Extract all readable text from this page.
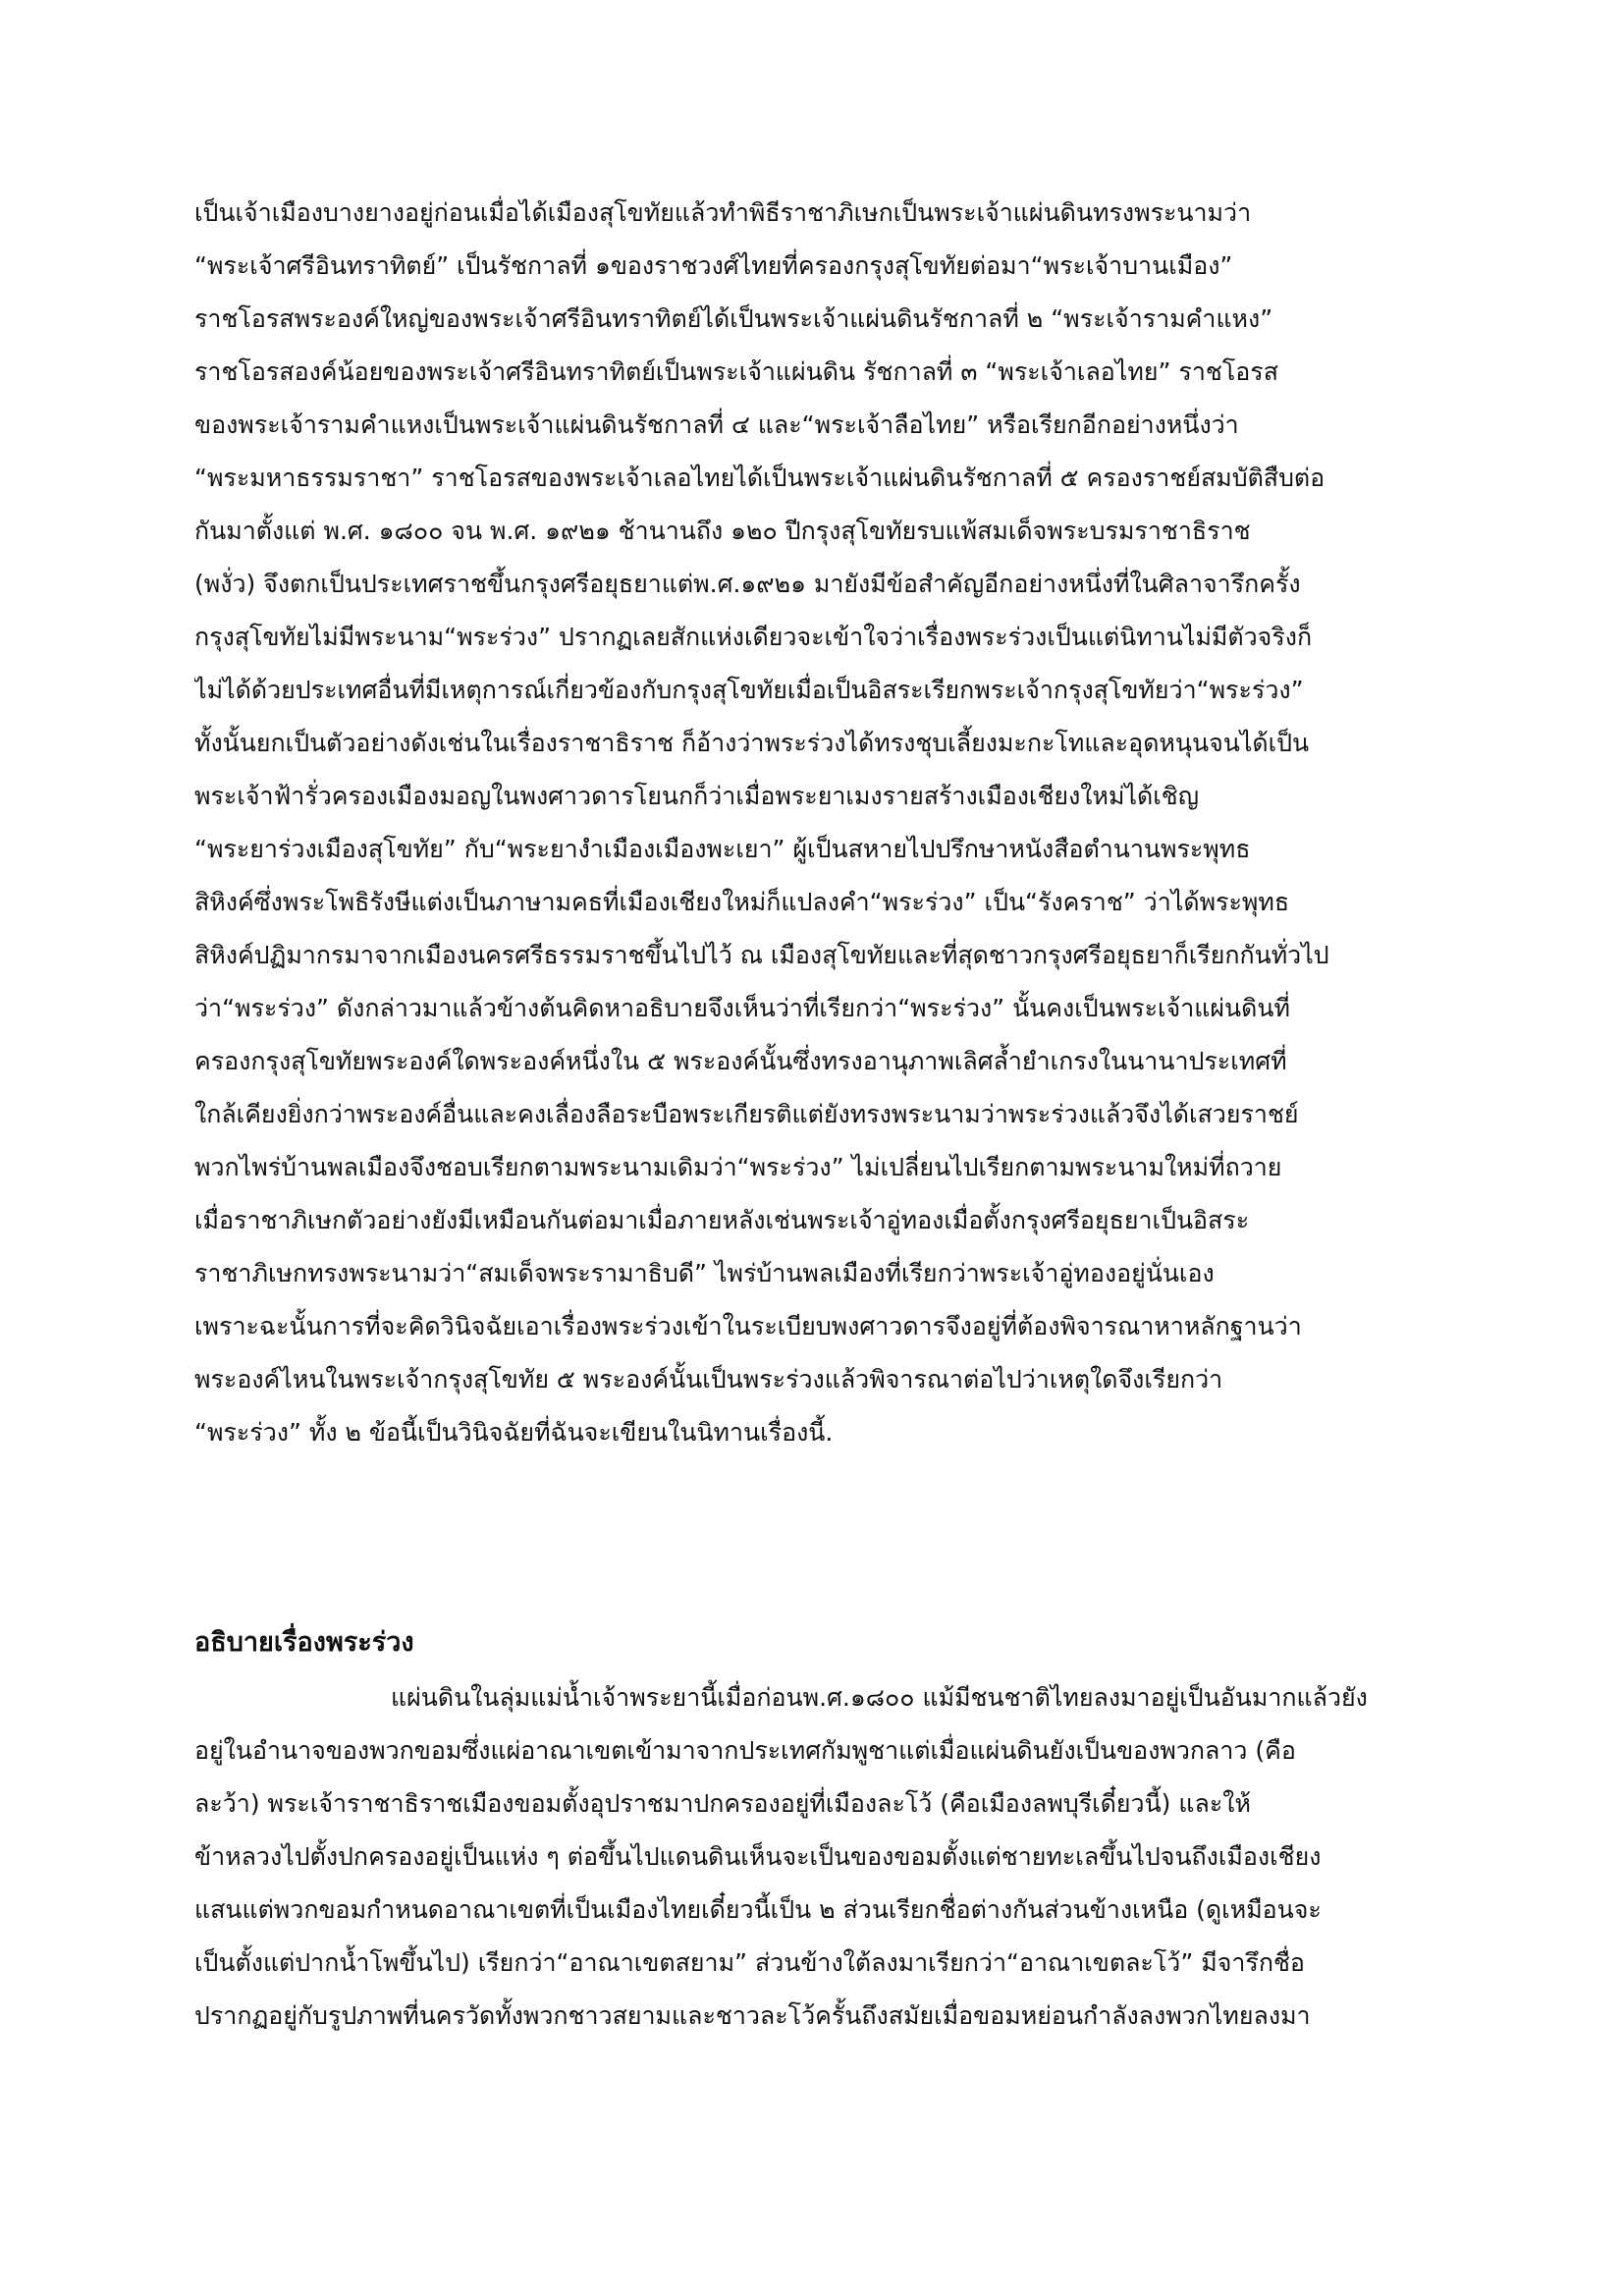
เป็นเจ้าเมืองบางยางอยู่ก่อนเมื่อได้เมืองสุโขทัยแล้วทำพิธีราชาภิเษกเป็นพระเจ้าแผ่นดินทรงพระนามว่า
“พระเจ้าศรีอินทราทิตย์” เป็นรัชกาลที่ ๑ของราชวงศ์ไทยที่ครองกรุงสุโขทัยต่อมา“พระเจ้าบานเมือง”
ราชโอรสพระองค์ใหญ่ของพระเจ้าศรีอินทราทิตย์ได้เป็นพระเจ้าแผ่นดินรัชกาลที่ ๒ “พระเจ้ารามคำแหง”
ราชโอรสองค์น้อยของพระเจ้าศรีอินทราทิตย์เป็นพระเจ้าแผ่นดิน รัชกาลที่ ๓ “พระเจ้าเลอไทย” ราชโอรส
ของพระเจ้ารามคำแหงเป็นพระเจ้าแผ่นดินรัชกาลที่ ๔ และ“พระเจ้าลือไทย” หรือเรียกอีกอย่างหนึ่งว่า
“พระมหาธรรมราชา” ราชโอรสของพระเจ้าเลอไทยได้เป็นพระเจ้าแผ่นดินรัชกาลที่ ๕ ครองราชย์สมบัติสืบต่อ
กันมาตั้งแต่ พ.ศ. ๑๘๐๐ จน พ.ศ. ๑๙๒๑ ช้านานถึง ๑๒๐ ปีกรุงสุโขทัยรบแพ้สมเด็จพระบรมราชาธิราช
(พงั่ว) จึงตกเป็นประเทศราชขึ้นกรุงศรีอยุธยาแต่พ.ศ.๑๙๒๑ มายังมีข้อสำคัญอีกอย่างหนึ่งที่ในศิลาจารึกครั้ง
กรุงสุโขทัยไม่มีพระนาม“พระร่วง” ปรากฏเลยสักแห่งเดียวจะเข้าใจว่าเรื่องพระร่วงเป็นแต่นิทานไม่มีตัวจริงก็
ไม่ได้ด้วยประเทศอื่นที่มีเหตุการณ์เกี่ยวข้องกับกรุงสุโขทัยเมื่อเป็นอิสระเรียกพระเจ้ากรุงสุโขทัยว่า“พระร่วง”
ทั้งนั้นยกเป็นตัวอย่างดังเช่นในเรื่องราชาธิราช ก็อ้างว่าพระร่วงได้ทรงชุบเลี้ยงมะกะโทและอุดหนุนจนได้เป็น
พระเจ้าฟ้ารั่วครองเมืองมอญในพงศาวดารโยนกก็ว่าเมื่อพระยาเมงรายสร้างเมืองเชียงใหม่ได้เชิญ
“พระยาร่วงเมืองสุโขทัย” กับ“พระยางำเมืองเมืองพะเยา” ผู้เป็นสหายไปปรึกษาหนังสือตำนานพระพุทธ
สิหิงค์ซึ่งพระโพธิรังษีแต่งเป็นภาษามคธที่เมืองเชียงใหม่ก็แปลงคำ“พระร่วง” เป็น“รังคราช” ว่าได้พระพุทธ
สิหิงค์ปฏิมากรมาจากเมืองนครศรีธรรมราชขึ้นไปไว้ ณ เมืองสุโขทัยและที่สุดชาวกรุงศรีอยุธยาก็เรียกกันทั่วไป
ว่า“พระร่วง” ดังกล่าวมาแล้วข้างต้นคิดหาอธิบายจึงเห็นว่าที่เรียกว่า“พระร่วง” นั้นคงเป็นพระเจ้าแผ่นดินที่
ครองกรุงสุโขทัยพระองค์ใดพระองค์หนึ่งใน ๕ พระองค์นั้นซึ่งทรงอานุภาพเลิศล้ำยำเกรงในนานาประเทศที่
ใกล้เคียงยิ่งกว่าพระองค์อื่นและคงเลื่องลือระบือพระเกียรติแต่ยังทรงพระนามว่าพระร่วงแล้วจึงได้เสวยราชย์
พวกไพร่บ้านพลเมืองจึงชอบเรียกตามพระนามเดิมว่า“พระร่วง” ไม่เปลี่ยนไปเรียกตามพระนามใหม่ที่ถวาย
เมื่อราชาภิเษกตัวอย่างยังมีเหมือนกันต่อมาเมื่อภายหลังเช่นพระเจ้าอู่ทองเมื่อตั้งกรุงศรีอยุธยาเป็นอิสระ
ราชาภิเษกทรงพระนามว่า“สมเด็จพระรามาธิบดี” ไพร่บ้านพลเมืองที่เรียกว่าพระเจ้าอู่ทองอยู่นั่นเอง
เพราะฉะนั้นการที่จะคิดวินิจฉัยเอาเรื่องพระร่วงเข้าในระเบียบพงศาวดารจึงอยู่ที่ต้องพิจารณาหาหลักฐานว่า
พระองค์ไหนในพระเจ้ากรุงสุโขทัย ๕ พระองค์นั้นเป็นพระร่วงแล้วพิจารณาต่อไปว่าเหตุใดจึงเรียกว่า
“พระร่วง” ทั้ง ๒ ข้อนี้เป็นวินิจฉัยที่ฉันจะเขียนในนิทานเรื่องนี้.
อธิบายเรื่องพระร่วง
แผ่นดินในลุ่มแม่น้ำเจ้าพระยานี้เมื่อก่อนพ.ศ.๑๘๐๐ แม้มีชนชาติไทยลงมาอยู่เป็นอันมากแล้วยัง
อยู่ในอำนาจของพวกขอมซึ่งแผ่อาณาเขตเข้ามาจากประเทศกัมพูชาแต่เมื่อแผ่นดินยังเป็นของพวกลาว (คือ
ละว้า) พระเจ้าราชาธิราชเมืองขอมตั้งอุปราชมาปกครองอยู่ที่เมืองละโว้ (คือเมืองลพบุรีเดี๋ยวนี้) และให้
ข้าหลวงไปตั้งปกครองอยู่เป็นแห่ง ๆ ต่อขึ้นไปแดนดินเห็นจะเป็นของขอมตั้งแต่ชายทะเลขึ้นไปจนถึงเมืองเชียง
แสนแต่พวกขอมกำหนดอาณาเขตที่เป็นเมืองไทยเดี๋ยวนี้เป็น ๒ ส่วนเรียกชื่อต่างกันส่วนข้างเหนือ (ดูเหมือนจะ
เป็นตั้งแต่ปากน้ำโพขึ้นไป) เรียกว่า“อาณาเขตสยาม” ส่วนข้างใต้ลงมาเรียกว่า“อาณาเขตละโว้” มีจารึกชื่อ
ปรากฏอยู่กับรูปภาพที่นครวัดทั้งพวกชาวสยามและชาวละโว้ครั้นถึงสมัยเมื่อขอมหย่อนกำลังลงพวกไทยลงมา
